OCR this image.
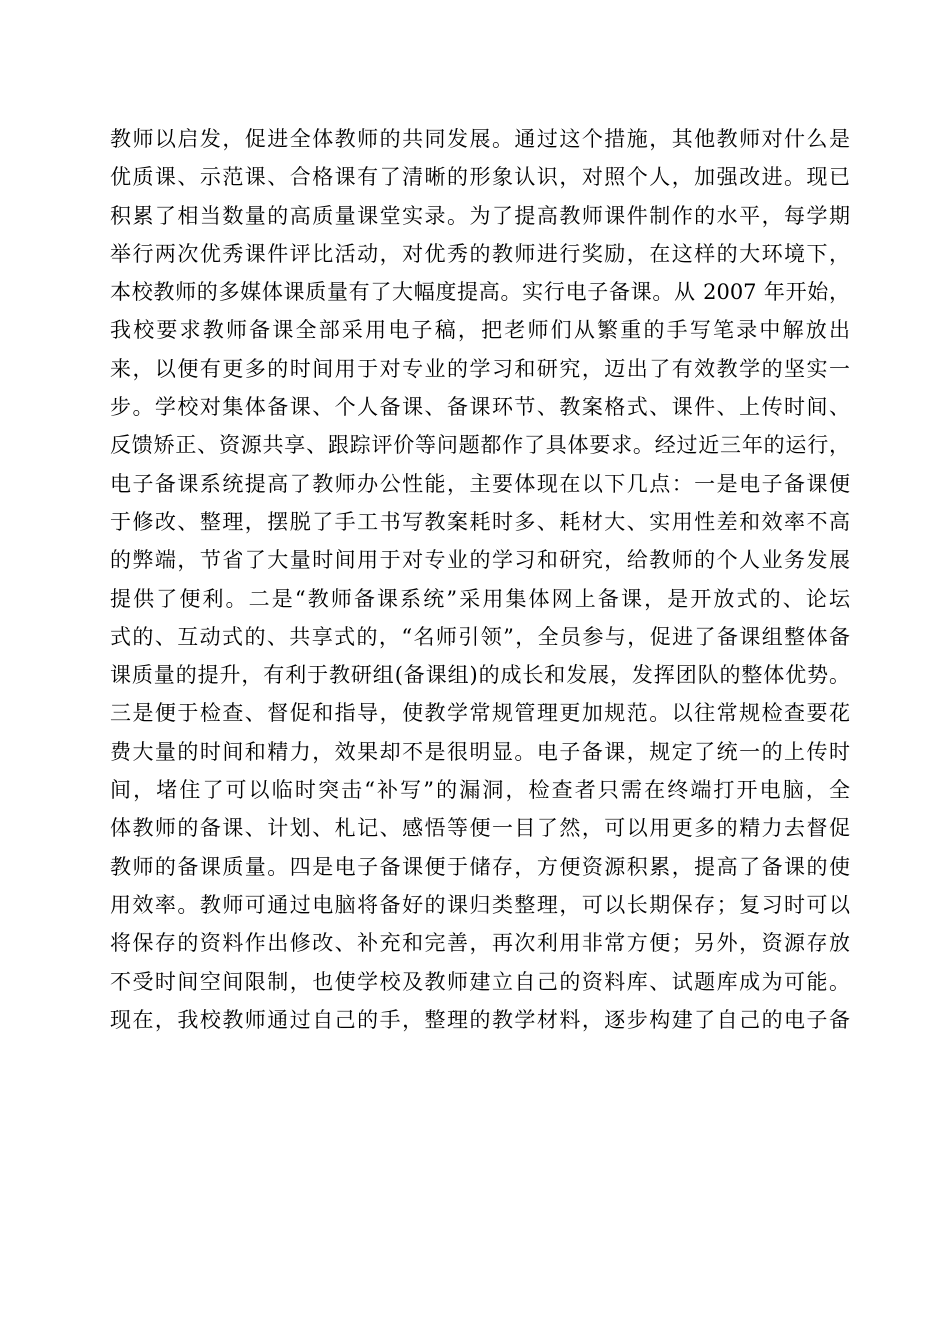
教师以启发，促进全体教师的共同发展。通过这个措施，其他教师对什么是
优质课、示范课、合格课有了清晰的形象认识，对照个人，加强改进。现已
积累了相当数量的高质量课堂实录。为了提高教师课件制作的水平，每学期
举行两次优秀课件评比活动，对优秀的教师进行奖励，在这样的大环境下，
本校教师的多媒体课质量有了大幅度提高。实行电子备课。从 2007 年开始，
我校要求教师备课全部采用电子稿，把老师们从繁重的手写笔录中解放出
来，以便有更多的时间用于对专业的学习和研究，迈出了有效教学的坚实一
步。学校对集体备课、个人备课、备课环节、教案格式、课件、上传时间、
反馈矫正、资源共享、跟踪评价等问题都作了具体要求。经过近三年的运行，
电子备课系统提高了教师办公性能，主要体现在以下几点：一是电子备课便
于修改、整理，摆脱了手工书写教案耗时多、耗材大、实用性差和效率不高
的弊端，节省了大量时间用于对专业的学习和研究，给教师的个人业务发展
提供了便利。二是“教师备课系统”采用集体网上备课，是开放式的、论坛
式的、互动式的、共享式的，“名师引领”，全员参与，促进了备课组整体备
课质量的提升，有利于教研组(备课组)的成长和发展，发挥团队的整体优势。
三是便于检查、督促和指导，使教学常规管理更加规范。以往常规检查要花
费大量的时间和精力，效果却不是很明显。电子备课，规定了统一的上传时
间，堵住了可以临时突击“补写”的漏洞，检查者只需在终端打开电脑，全
体教师的备课、计划、札记、感悟等便一目了然，可以用更多的精力去督促
教师的备课质量。四是电子备课便于储存，方便资源积累，提高了备课的使
用效率。教师可通过电脑将备好的课归类整理，可以长期保存；复习时可以
将保存的资料作出修改、补充和完善，再次利用非常方便；另外，资源存放
不受时间空间限制，也使学校及教师建立自己的资料库、试题库成为可能。
现在，我校教师通过自己的手，整理的教学材料，逐步构建了自己的电子备
